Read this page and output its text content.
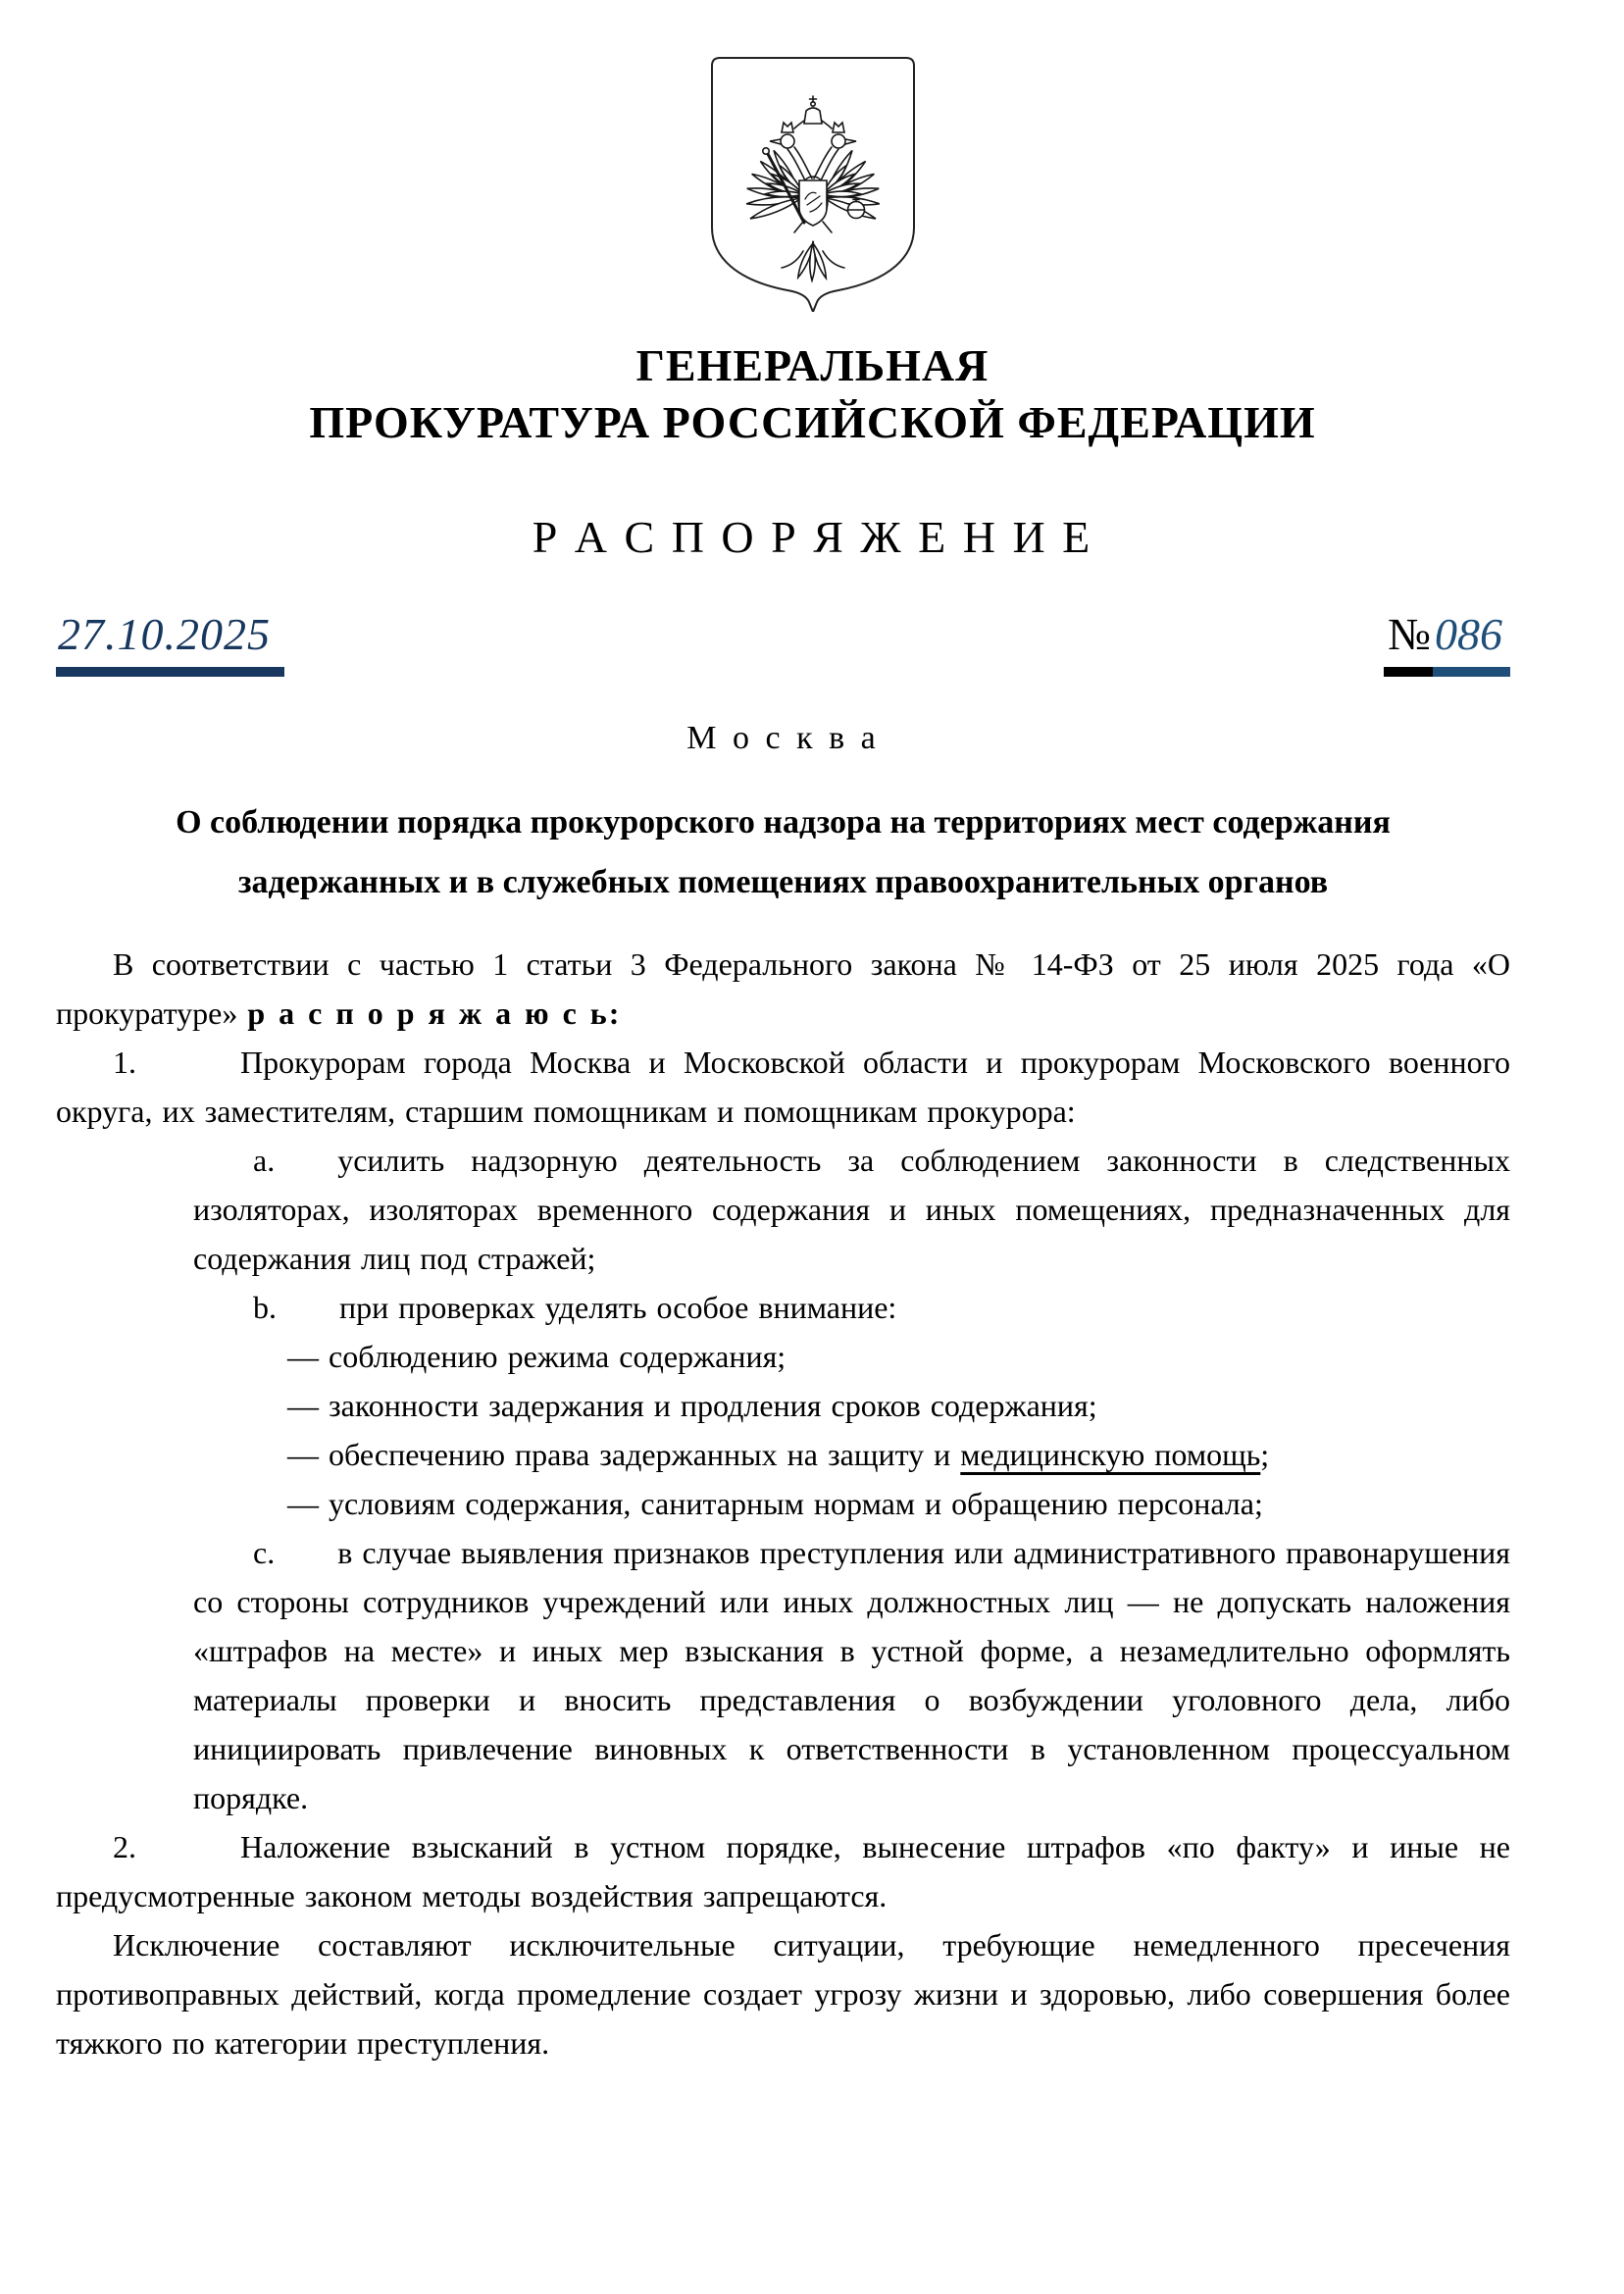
ГЕНЕРАЛЬНАЯ
ПРОКУРАТУРА РОССИЙСКОЙ ФЕДЕРАЦИИ
Р А С П О Р Я Ж Е Н И Е
27.10.2025	№ 086
М о с к в а
О соблюдении порядка прокурорского надзора на территориях мест содержания
задержанных и в служебных помещениях правоохранительных органов

В соответствии с частью 1 статьи 3 Федерального закона № 14-ФЗ от 25 июля 2025 года «О прокуратуре» р а с п о р я ж а ю с ь:

1.	Прокурорам города Москва и Московской области и прокурорам Московского военного округа, их заместителям, старшим помощникам и помощникам прокурора:

a. усилить надзорную деятельность за соблюдением законности в следственных изоляторах, изоляторах временного содержания и иных помещениях, предназначенных для содержания лиц под стражей;

b. при проверках уделять особое внимание:

— соблюдению режима содержания;

— законности задержания и продления сроков содержания;

— обеспечению права задержанных на защиту и медицинскую помощь;

— условиям содержания, санитарным нормам и обращению персонала;

c. в случае выявления признаков преступления или административного правонарушения со стороны сотрудников учреждений или иных должностных лиц — не допускать наложения «штрафов на месте» и иных мер взыскания в устной форме, а незамедлительно оформлять материалы проверки и вносить представления о возбуждении уголовного дела, либо инициировать привлечение виновных к ответственности в установленном процессуальном порядке.

2.	Наложение взысканий в устном порядке, вынесение штрафов «по факту» и иные не предусмотренные законом методы воздействия запрещаются.

Исключение составляют исключительные ситуации, требующие немедленного пресечения противоправных действий, когда промедление создает угрозу жизни и здоровью, либо совершения более тяжкого по категории преступления.
